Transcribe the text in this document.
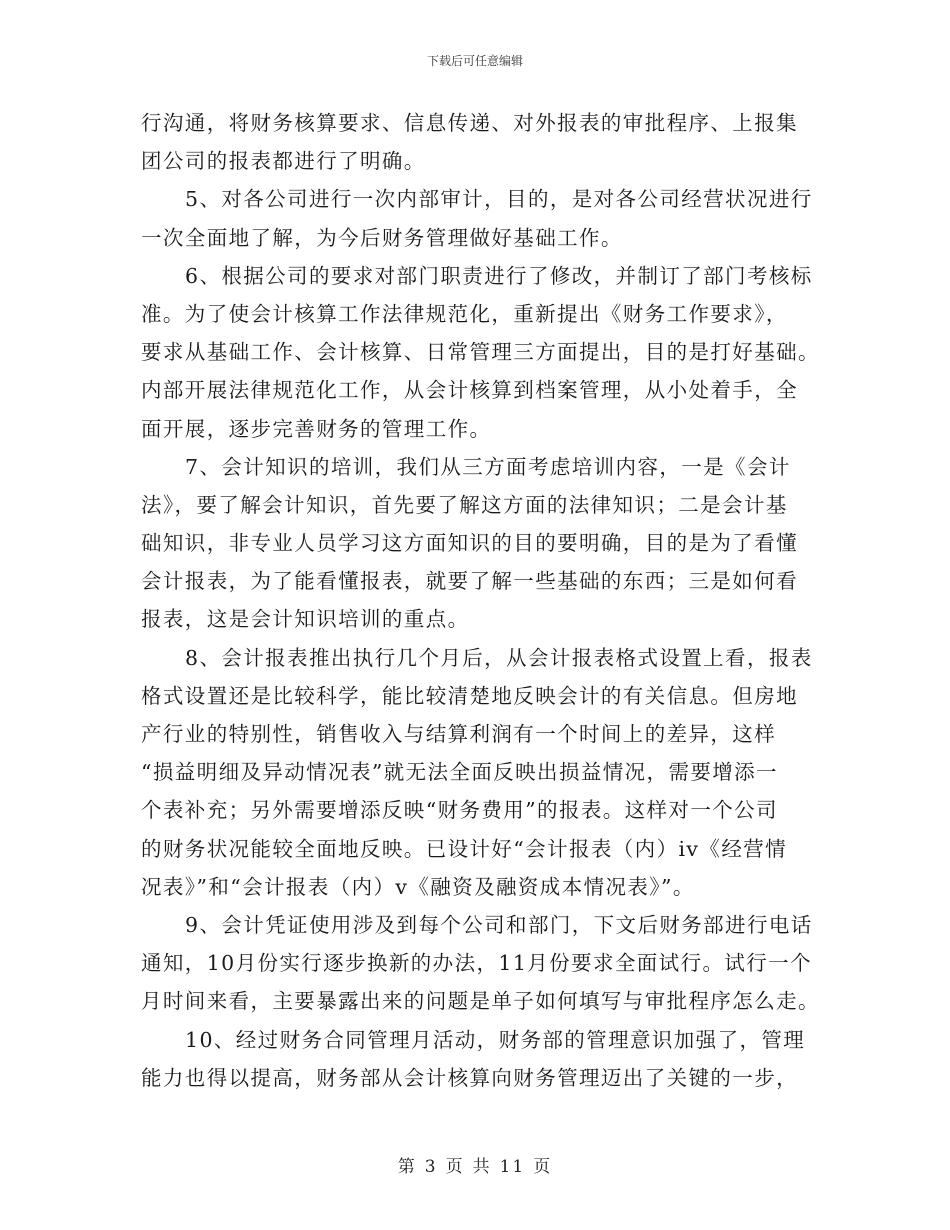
下载后可任意编辑
行沟通，将财务核算要求、信息传递、对外报表的审批程序、上报集
团公司的报表都进行了明确。
5、对各公司进行一次内部审计，目的，是对各公司经营状况进行
一次全面地了解，为今后财务管理做好基础工作。
6、根据公司的要求对部门职责进行了修改，并制订了部门考核标
准。为了使会计核算工作法律规范化，重新提出《财务工作要求》，
要求从基础工作、会计核算、日常管理三方面提出，目的是打好基础。
内部开展法律规范化工作，从会计核算到档案管理，从小处着手，全
面开展，逐步完善财务的管理工作。
7、会计知识的培训，我们从三方面考虑培训内容，一是《会计
法》，要了解会计知识，首先要了解这方面的法律知识；二是会计基
础知识，非专业人员学习这方面知识的目的要明确，目的是为了看懂
会计报表，为了能看懂报表，就要了解一些基础的东西；三是如何看
报表，这是会计知识培训的重点。
8、会计报表推出执行几个月后，从会计报表格式设置上看，报表
格式设置还是比较科学，能比较清楚地反映会计的有关信息。但房地
产行业的特别性，销售收入与结算利润有一个时间上的差异，这样
“损益明细及异动情况表”就无法全面反映出损益情况，需要增添一
个表补充；另外需要增添反映“财务费用”的报表。这样对一个公司
的财务状况能较全面地反映。已设计好“会计报表（内）iv《经营情
况表》”和“会计报表（内）v《融资及融资成本情况表》”。
9、会计凭证使用涉及到每个公司和部门，下文后财务部进行电话
通知，10月份实行逐步换新的办法，11月份要求全面试行。试行一个
月时间来看，主要暴露出来的问题是单子如何填写与审批程序怎么走。
10、经过财务合同管理月活动，财务部的管理意识加强了，管理
能力也得以提高，财务部从会计核算向财务管理迈出了关键的一步，
第 3 页 共 11 页
